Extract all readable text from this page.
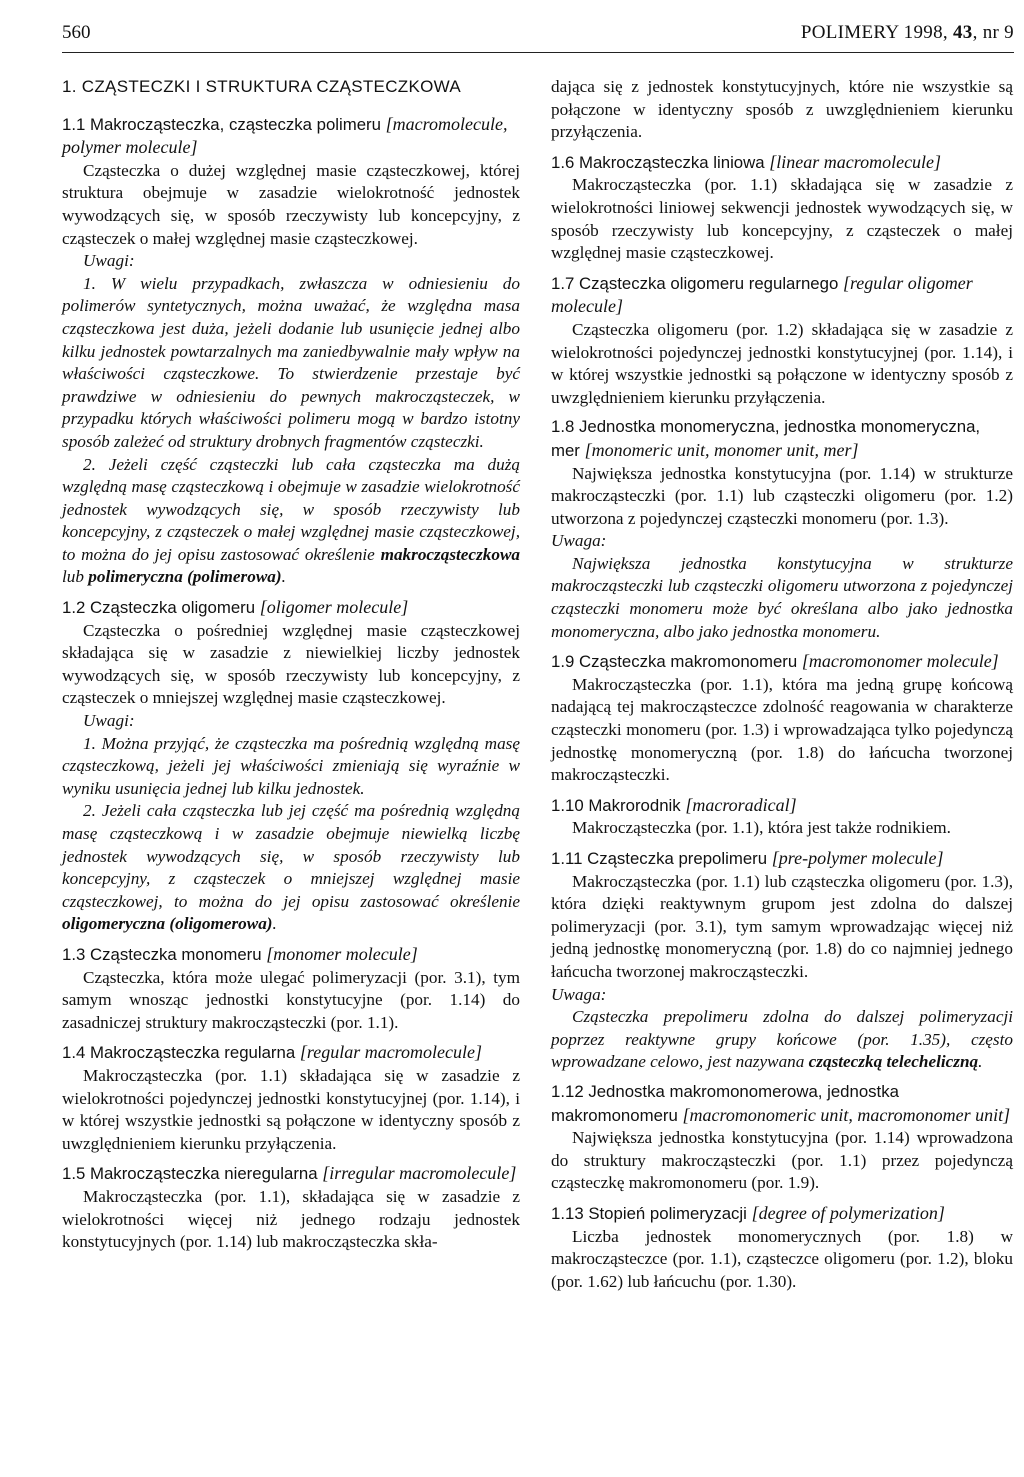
560	POLIMERY 1998, 43, nr 9

1. CZĄSTECZKI I STRUKTURA CZĄSTECZKOWA

1.1 Makrocząsteczka, cząsteczka polimeru [macromolecule, polymer molecule]

Cząsteczka o dużej względnej masie cząsteczkowej, której struktura obejmuje w zasadzie wielokrotność jednostek wywodzących się, w sposób rzeczywisty lub koncepcyjny, z cząsteczek o małej względnej masie cząsteczkowej.

Uwagi:

1. W wielu przypadkach, zwłaszcza w odniesieniu do polimerów syntetycznych, można uważać, że względna masa cząsteczkowa jest duża, jeżeli dodanie lub usunięcie jednej albo kilku jednostek powtarzalnych ma zaniedbywalnie mały wpływ na właściwości cząsteczkowe. To stwierdzenie przestaje być prawdziwe w odniesieniu do pewnych makrocząsteczek, w przypadku których właściwości polimeru mogą w bardzo istotny sposób zależeć od struktury drobnych fragmentów cząsteczki.

2. Jeżeli część cząsteczki lub cała cząsteczka ma dużą względną masę cząsteczkową i obejmuje w zasadzie wielokrotność jednostek wywodzących się, w sposób rzeczywisty lub koncepcyjny, z cząsteczek o małej względnej masie cząsteczkowej, to można do jej opisu zastosować określenie makrocząsteczkowa lub polimeryczna (polimerowa).

1.2 Cząsteczka oligomeru [oligomer molecule]

Cząsteczka o pośredniej względnej masie cząsteczkowej składająca się w zasadzie z niewielkiej liczby jednostek wywodzących się, w sposób rzeczywisty lub koncepcyjny, z cząsteczek o mniejszej względnej masie cząsteczkowej.

Uwagi:

1. Można przyjąć, że cząsteczka ma pośrednią względną masę cząsteczkową, jeżeli jej właściwości zmieniają się wyraźnie w wyniku usunięcia jednej lub kilku jednostek.

2. Jeżeli cała cząsteczka lub jej część ma pośrednią względną masę cząsteczkową i w zasadzie obejmuje niewielką liczbę jednostek wywodzących się, w sposób rzeczywisty lub koncepcyjny, z cząsteczek o mniejszej względnej masie cząsteczkowej, to można do jej opisu zastosować określenie oligomeryczna (oligomerowa).

1.3 Cząsteczka monomeru [monomer molecule]

Cząsteczka, która może ulegać polimeryzacji (por. 3.1), tym samym wnosząc jednostki konstytucyjne (por. 1.14) do zasadniczej struktury makrocząsteczki (por. 1.1).

1.4 Makrocząsteczka regularna [regular macromolecule]

Makrocząsteczka (por. 1.1) składająca się w zasadzie z wielokrotności pojedynczej jednostki konstytucyjnej (por. 1.14), i w której wszystkie jednostki są połączone w identyczny sposób z uwzględnieniem kierunku przyłączenia.

1.5 Makrocząsteczka nieregularna [irregular macromolecule]

Makrocząsteczka (por. 1.1), składająca się w zasadzie z wielokrotności więcej niż jednego rodzaju jednostek konstytucyjnych (por. 1.14) lub makrocząsteczka skła-

dająca się z jednostek konstytucyjnych, które nie wszystkie są połączone w identyczny sposób z uwzględnieniem kierunku przyłączenia.

1.6 Makrocząsteczka liniowa [linear macromolecule]

Makrocząsteczka (por. 1.1) składająca się w zasadzie z wielokrotności liniowej sekwencji jednostek wywodzących się, w sposób rzeczywisty lub koncepcyjny, z cząsteczek o małej względnej masie cząsteczkowej.

1.7 Cząsteczka oligomeru regularnego [regular oligomer molecule]

Cząsteczka oligomeru (por. 1.2) składająca się w zasadzie z wielokrotności pojedynczej jednostki konstytucyjnej (por. 1.14), i w której wszystkie jednostki są połączone w identyczny sposób z uwzględnieniem kierunku przyłączenia.

1.8 Jednostka monomeryczna, jednostka monomeryczna, mer [monomeric unit, monomer unit, mer]

Największa jednostka konstytucyjna (por. 1.14) w strukturze makrocząsteczki (por. 1.1) lub cząsteczki oligomeru (por. 1.2) utworzona z pojedynczej cząsteczki monomeru (por. 1.3).

Uwaga:

Największa jednostka konstytucyjna w strukturze makrocząsteczki lub cząsteczki oligomeru utworzona z pojedynczej cząsteczki monomeru może być określana albo jako jednostka monomeryczna, albo jako jednostka monomeru.

1.9 Cząsteczka makromonomeru [macromonomer molecule]

Makrocząsteczka (por. 1.1), która ma jedną grupę końcową nadającą tej makrocząsteczce zdolność reagowania w charakterze cząsteczki monomeru (por. 1.3) i wprowadzająca tylko pojedynczą jednostkę monomeryczną (por. 1.8) do łańcucha tworzonej makrocząsteczki.

1.10 Makrorodnik [macroradical]

Makrocząsteczka (por. 1.1), która jest także rodnikiem.

1.11 Cząsteczka prepolimeru [pre-polymer molecule]

Makrocząsteczka (por. 1.1) lub cząsteczka oligomeru (por. 1.3), która dzięki reaktywnym grupom jest zdolna do dalszej polimeryzacji (por. 3.1), tym samym wprowadzając więcej niż jedną jednostkę monomeryczną (por. 1.8) do co najmniej jednego łańcucha tworzonej makrocząsteczki.

Uwaga:

Cząsteczka prepolimeru zdolna do dalszej polimeryzacji poprzez reaktywne grupy końcowe (por. 1.35), często wprowadzane celowo, jest nazywana cząsteczką telecheliczną.

1.12 Jednostka makromonomerowa, jednostka makromonomeru [macromonomeric unit, macromonomer unit]

Największa jednostka konstytucyjna (por. 1.14) wprowadzona do struktury makrocząsteczki (por. 1.1) przez pojedynczą cząsteczkę makromonomeru (por. 1.9).

1.13 Stopień polimeryzacji [degree of polymerization]

Liczba jednostek monomerycznych (por. 1.8) w makrocząsteczce (por. 1.1), cząsteczce oligomeru (por. 1.2), bloku (por. 1.62) lub łańcuchu (por. 1.30).
